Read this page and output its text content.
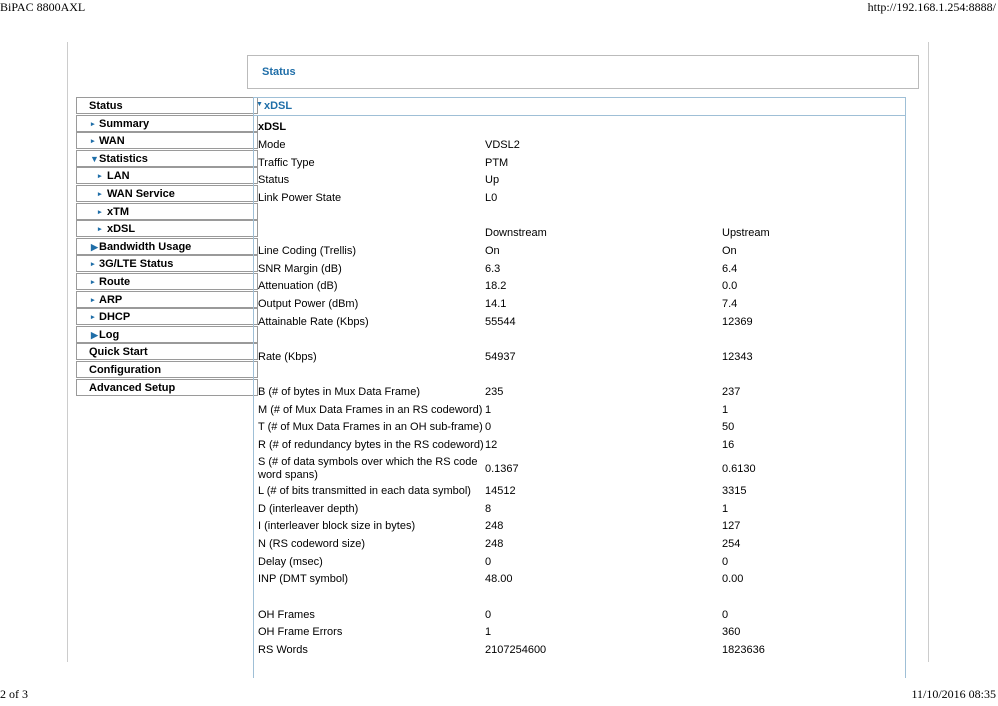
BiPAC 8800AXL	http://192.168.1.254:8888/
2 of 3	11/10/2016 08:35
Status
Status
▸ Summary
▸ WAN
▼ Statistics
▸ LAN
▸ WAN Service
▸ xTM
▸ xDSL
▶ Bandwidth Usage
▸ 3G/LTE Status
▸ Route
▸ ARP
▸ DHCP
▶ Log
Quick Start
Configuration
Advanced Setup
▼ xDSL
xDSL
Mode	VDSL2
Traffic Type	PTM
Status	Up
Link Power State	L0
Downstream	Upstream
Line Coding (Trellis)	On	On
SNR Margin (dB)	6.3	6.4
Attenuation (dB)	18.2	0.0
Output Power (dBm)	14.1	7.4
Attainable Rate (Kbps)	55544	12369
Rate (Kbps)	54937	12343
B (# of bytes in Mux Data Frame)	235	237
M (# of Mux Data Frames in an RS codeword) 1	1
T (# of Mux Data Frames in an OH sub-frame) 0	50
R (# of redundancy bytes in the RS codeword) 12	16
S (# of data symbols over which the RS code word spans)	0.1367	0.6130
L (# of bits transmitted in each data symbol) 14512	3315
D (interleaver depth)	8	1
I (interleaver block size in bytes)	248	127
N (RS codeword size)	248	254
Delay (msec)	0	0
INP (DMT symbol)	48.00	0.00
OH Frames	0	0
OH Frame Errors	1	360
RS Words	2107254600	1823636
